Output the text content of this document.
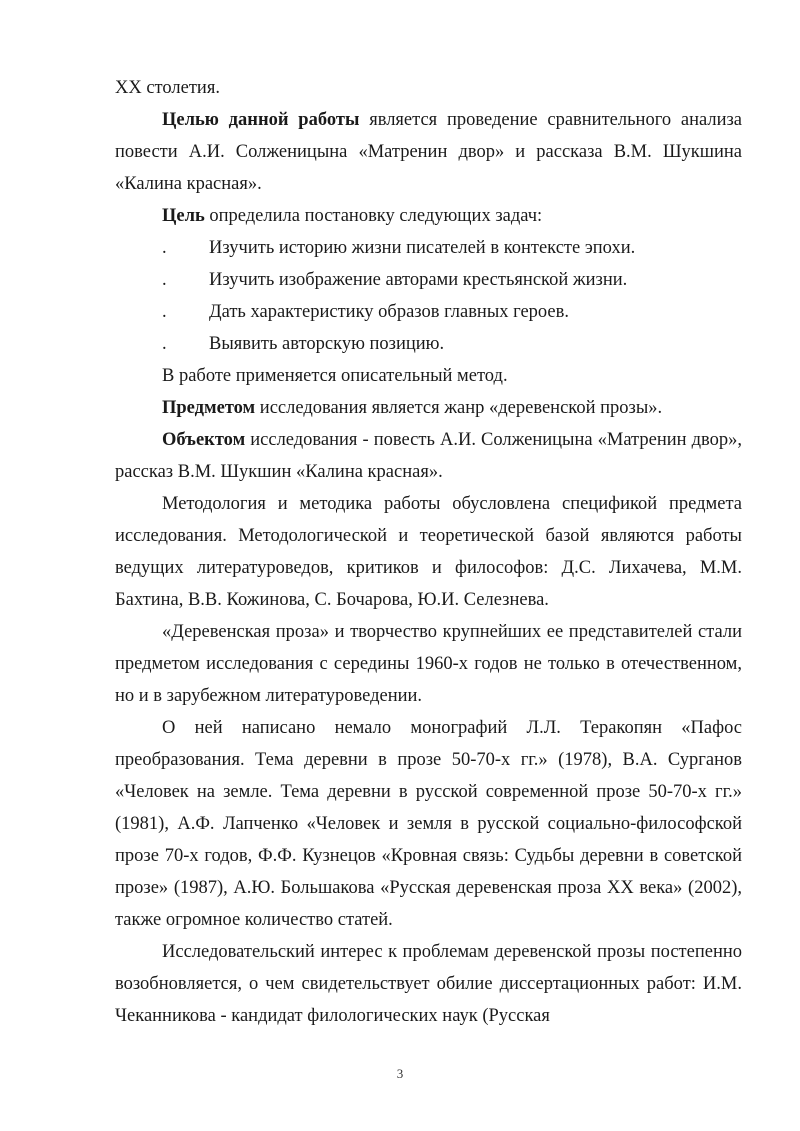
XX столетия.

Целью данной работы является проведение сравнительного анализа повести А.И. Солженицына «Матренин двор» и рассказа В.М. Шукшина «Калина красная».

Цель определила постановку следующих задач:

.	Изучить историю жизни писателей в контексте эпохи.
.	Изучить изображение авторами крестьянской жизни.
.	Дать характеристику образов главных героев.
.	Выявить авторскую позицию.

В работе применяется описательный метод.

Предметом исследования является жанр «деревенской прозы».

Объектом исследования - повесть А.И. Солженицына «Матренин двор», рассказ В.М. Шукшин «Калина красная».

Методология и методика работы обусловлена спецификой предмета исследования. Методологической и теоретической базой являются работы ведущих литературоведов, критиков и философов: Д.С. Лихачева, М.М. Бахтина, В.В. Кожинова, С. Бочарова, Ю.И. Селезнева.

«Деревенская проза» и творчество крупнейших ее представителей стали предметом исследования с середины 1960-х годов не только в отечественном, но и в зарубежном литературоведении.

О ней написано немало монографий Л.Л. Теракопян «Пафос преобразования. Тема деревни в прозе 50-70-х гг.» (1978), В.А. Сурганов «Человек на земле. Тема деревни в русской современной прозе 50-70-х гг.» (1981), А.Ф. Лапченко «Человек и земля в русской социально-философской прозе 70-х годов, Ф.Ф. Кузнецов «Кровная связь: Судьбы деревни в советской прозе» (1987), А.Ю. Большакова «Русская деревенская проза XX века» (2002), также огромное количество статей.

Исследовательский интерес к проблемам деревенской прозы постепенно возобновляется, о чем свидетельствует обилие диссертационных работ: И.М. Чеканникова - кандидат филологических наук (Русская

3
